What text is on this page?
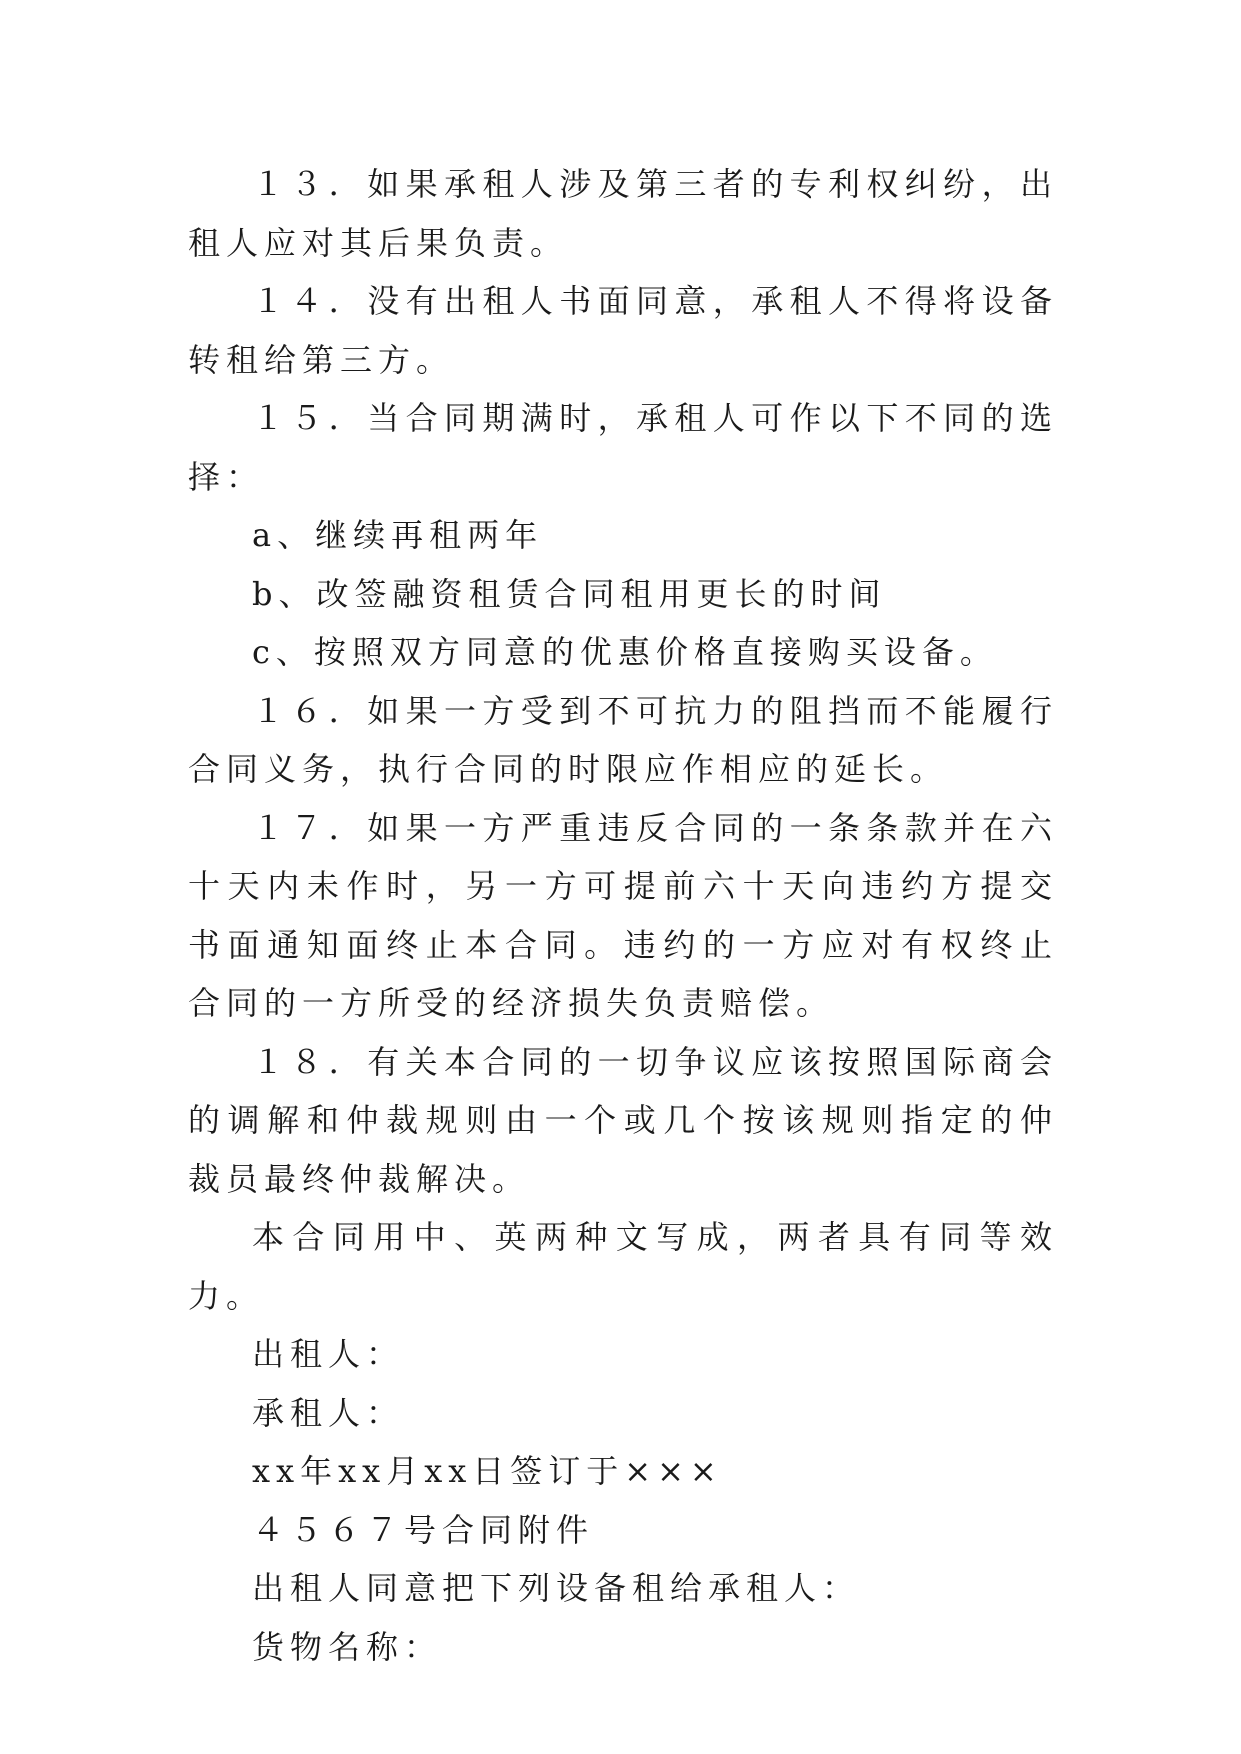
１３．如果承租人涉及第三者的专利权纠纷，出租人应对其后果负责。

１４．没有出租人书面同意，承租人不得将设备转租给第三方。

１５．当合同期满时，承租人可作以下不同的选择：

a、继续再租两年

b、改签融资租赁合同租用更长的时间

c、按照双方同意的优惠价格直接购买设备。

１６．如果一方受到不可抗力的阻挡而不能履行合同义务，执行合同的时限应作相应的延长。

１７．如果一方严重违反合同的一条条款并在六十天内未作时，另一方可提前六十天向违约方提交书面通知面终止本合同。违约的一方应对有权终止合同的一方所受的经济损失负责赔偿。

１８．有关本合同的一切争议应该按照国际商会的调解和仲裁规则由一个或几个按该规则指定的仲裁员最终仲裁解决。

本合同用中、英两种文写成，两者具有同等效力。

出租人：

承租人：

xx年xx月xx日签订于×××

４５６７号合同附件

出租人同意把下列设备租给承租人：

货物名称：
